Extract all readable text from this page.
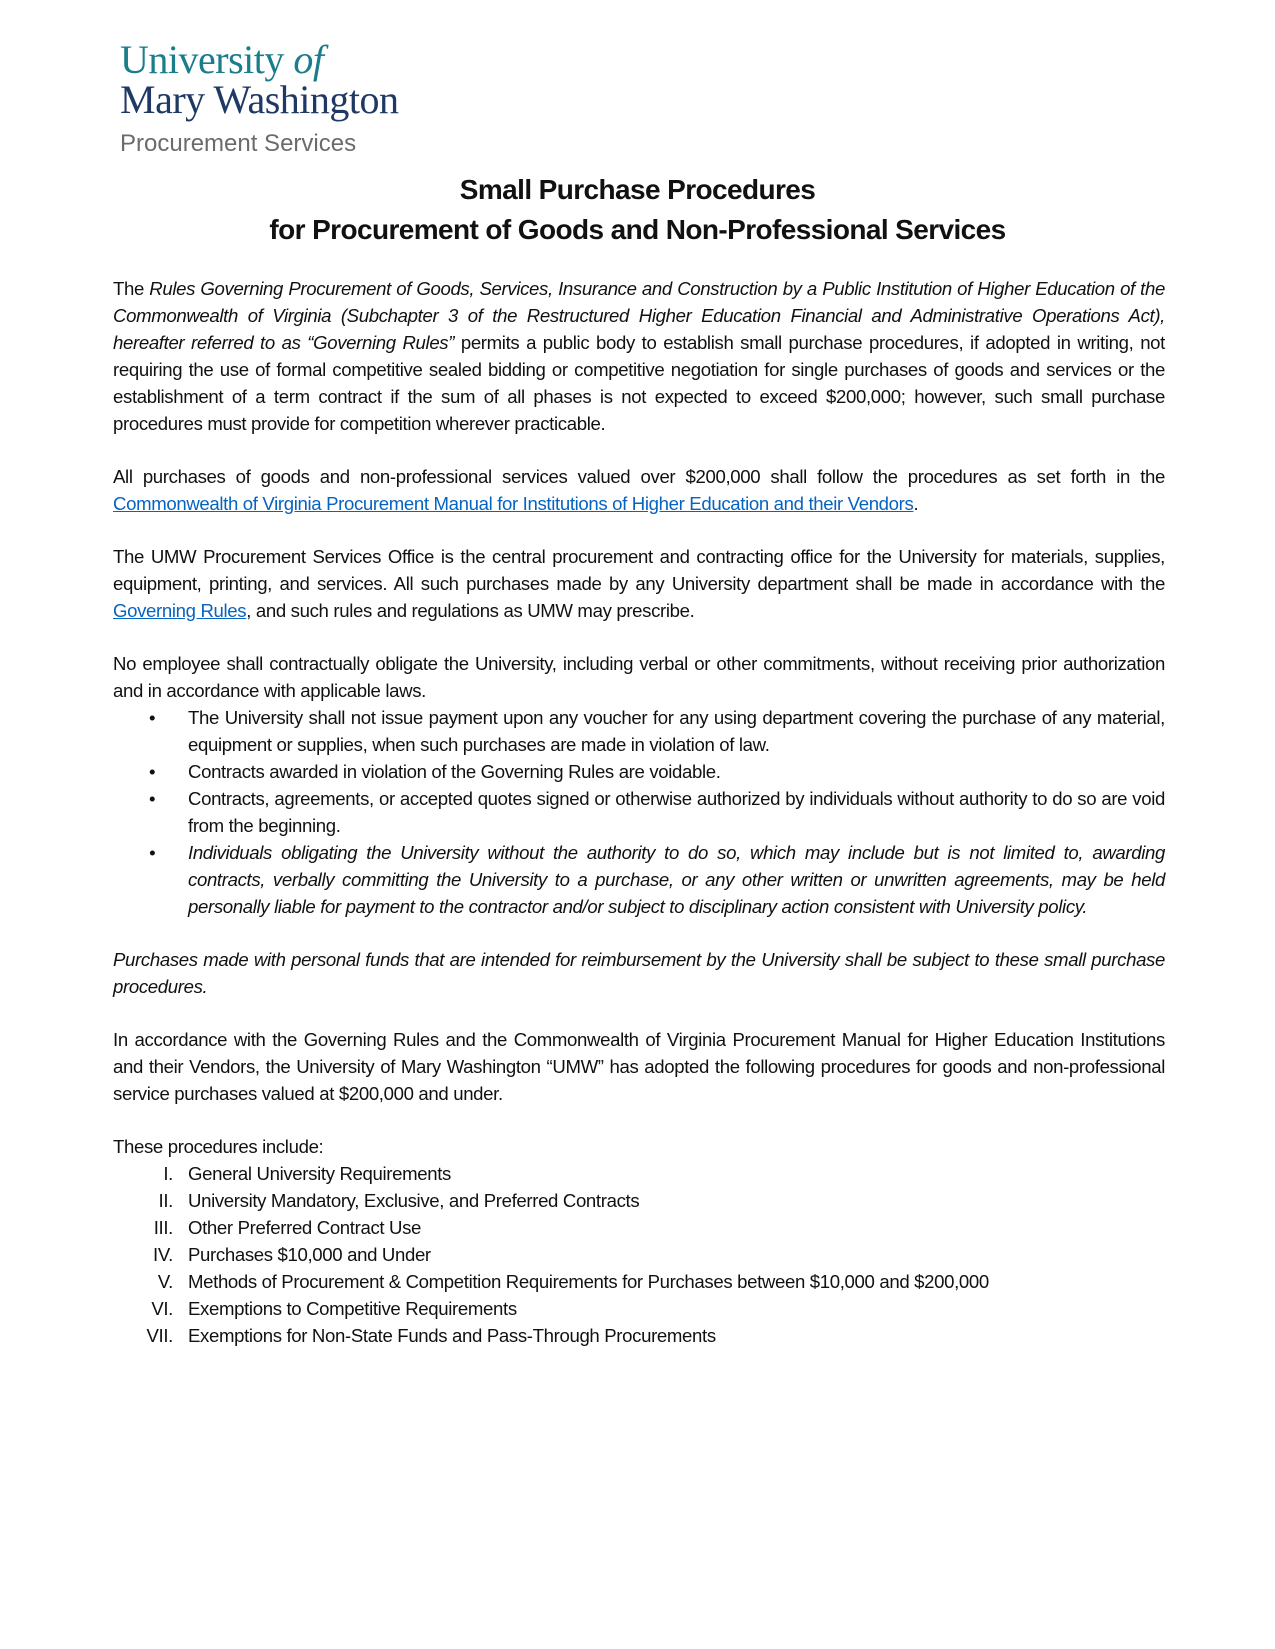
University of
Mary Washington
Procurement Services
Small Purchase Procedures
for Procurement of Goods and Non-Professional Services

The Rules Governing Procurement of Goods, Services, Insurance and Construction by a Public Institution of Higher Education of the Commonwealth of Virginia (Subchapter 3 of the Restructured Higher Education Financial and Administrative Operations Act), hereafter referred to as “Governing Rules” permits a public body to establish small purchase procedures, if adopted in writing, not requiring the use of formal competitive sealed bidding or competitive negotiation for single purchases of goods and services or the establishment of a term contract if the sum of all phases is not expected to exceed $200,000; however, such small purchase procedures must provide for competition wherever practicable.

All purchases of goods and non-professional services valued over $200,000 shall follow the procedures as set forth in the Commonwealth of Virginia Procurement Manual for Institutions of Higher Education and their Vendors.

The UMW Procurement Services Office is the central procurement and contracting office for the University for materials, supplies, equipment, printing, and services. All such purchases made by any University department shall be made in accordance with the Governing Rules, and such rules and regulations as UMW may prescribe.

No employee shall contractually obligate the University, including verbal or other commitments, without receiving prior authorization and in accordance with applicable laws.

• The University shall not issue payment upon any voucher for any using department covering the purchase of any material, equipment or supplies, when such purchases are made in violation of law.
• Contracts awarded in violation of the Governing Rules are voidable.
• Contracts, agreements, or accepted quotes signed or otherwise authorized by individuals without authority to do so are void from the beginning.
• Individuals obligating the University without the authority to do so, which may include but is not limited to, awarding contracts, verbally committing the University to a purchase, or any other written or unwritten agreements, may be held personally liable for payment to the contractor and/or subject to disciplinary action consistent with University policy.

Purchases made with personal funds that are intended for reimbursement by the University shall be subject to these small purchase procedures.

In accordance with the Governing Rules and the Commonwealth of Virginia Procurement Manual for Higher Education Institutions and their Vendors, the University of Mary Washington “UMW” has adopted the following procedures for goods and non-professional service purchases valued at $200,000 and under.

These procedures include:

I. General University Requirements
II. University Mandatory, Exclusive, and Preferred Contracts
III. Other Preferred Contract Use
IV. Purchases $10,000 and Under
V. Methods of Procurement & Competition Requirements for Purchases between $10,000 and $200,000
VI. Exemptions to Competitive Requirements
VII. Exemptions for Non-State Funds and Pass-Through Procurements
